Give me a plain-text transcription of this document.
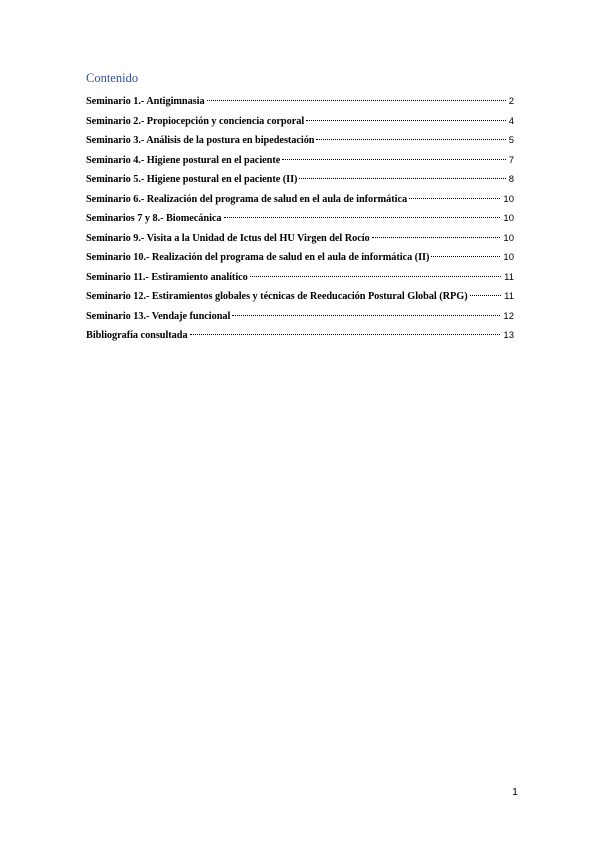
Contenido
Seminario 1.- Antigimnasia	2
Seminario 2.- Propiocepción y conciencia corporal	4
Seminario 3.- Análisis de la postura en bipedestación	5
Seminario 4.- Higiene postural en el paciente	7
Seminario 5.- Higiene postural en el paciente (II)	8
Seminario 6.- Realización del programa de salud en el aula de informática	10
Seminarios 7 y 8.- Biomecánica	10
Seminario 9.- Visita a la Unidad de Ictus del HU Virgen del Rocío	10
Seminario 10.- Realización del programa de salud en el aula de informática (II)	10
Seminario 11.- Estiramiento analítico	11
Seminario 12.- Estiramientos globales y técnicas de Reeducación Postural Global (RPG)	11
Seminario 13.- Vendaje funcional	12
Bibliografía consultada	13
1
